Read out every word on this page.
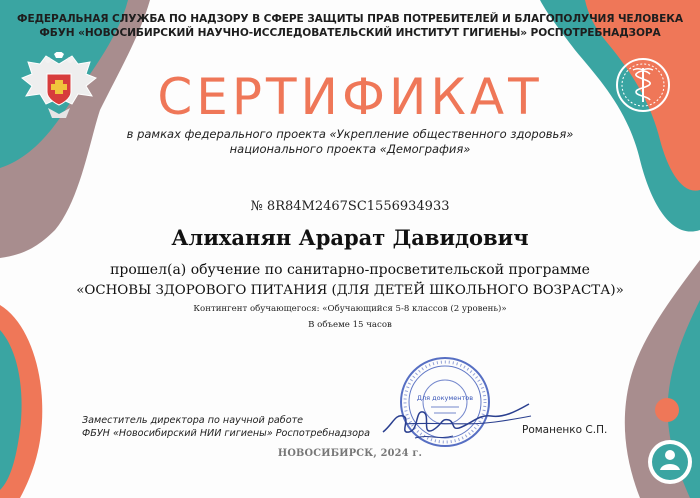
ФЕДЕРАЛЬНАЯ СЛУЖБА ПО НАДЗОРУ В СФЕРЕ ЗАЩИТЫ ПРАВ ПОТРЕБИТЕЛЕЙ И БЛАГОПОЛУЧИЯ ЧЕЛОВЕКА
ФБУН «НОВОСИБИРСКИЙ НАУЧНО-ИССЛЕДОВАТЕЛЬСКИЙ ИНСТИТУТ ГИГИЕНЫ» РОСПОТРЕБНАДЗОРА
СЕРТИФИКАТ
в рамках федерального проекта «Укрепление общественного здоровья»
национального проекта «Демография»
№ 8R84M2467SC1556934933
Алиханян Арарат Давидович
прошел(а) обучение по санитарно-просветительской программе
«ОСНОВЫ ЗДОРОВОГО ПИТАНИЯ (ДЛЯ ДЕТЕЙ ШКОЛЬНОГО ВОЗРАСТА)»
Контингент обучающегося: «Обучающийся 5-8 классов (2 уровень)»
В объеме 15 часов
Для документов
Заместитель директора по научной работе
ФБУН «Новосибирский НИИ гигиены» Роспотребнадзора	Романенко С.П.
НОВОСИБИРСК, 2024 г.
